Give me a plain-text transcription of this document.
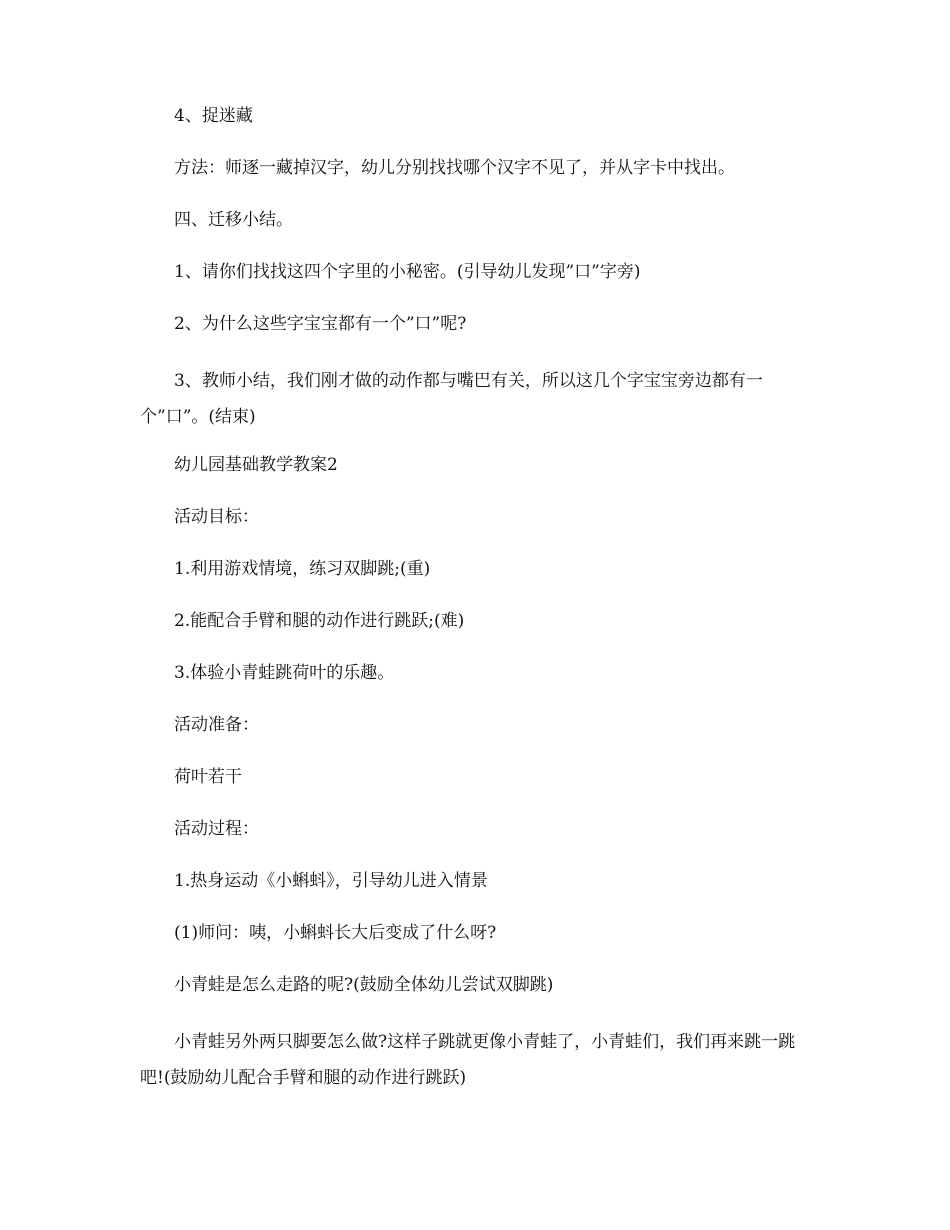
4、捉迷藏

方法：师逐一藏掉汉字，幼儿分别找找哪个汉字不见了，并从字卡中找出。

四、迁移小结。

1、请你们找找这四个字里的小秘密。(引导幼儿发现”口”字旁)

2、为什么这些字宝宝都有一个”口”呢?

3、教师小结，我们刚才做的动作都与嘴巴有关，所以这几个字宝宝旁边都有一个”口”。(结束)

幼儿园基础教学教案2

活动目标：

1.利用游戏情境，练习双脚跳;(重)

2.能配合手臂和腿的动作进行跳跃;(难)

3.体验小青蛙跳荷叶的乐趣。

活动准备：

荷叶若干

活动过程：

1.热身运动《小蝌蚪》，引导幼儿进入情景

(1)师问：咦，小蝌蚪长大后变成了什么呀?

小青蛙是怎么走路的呢?(鼓励全体幼儿尝试双脚跳)

小青蛙另外两只脚要怎么做?这样子跳就更像小青蛙了，小青蛙们，我们再来跳一跳吧!(鼓励幼儿配合手臂和腿的动作进行跳跃)
